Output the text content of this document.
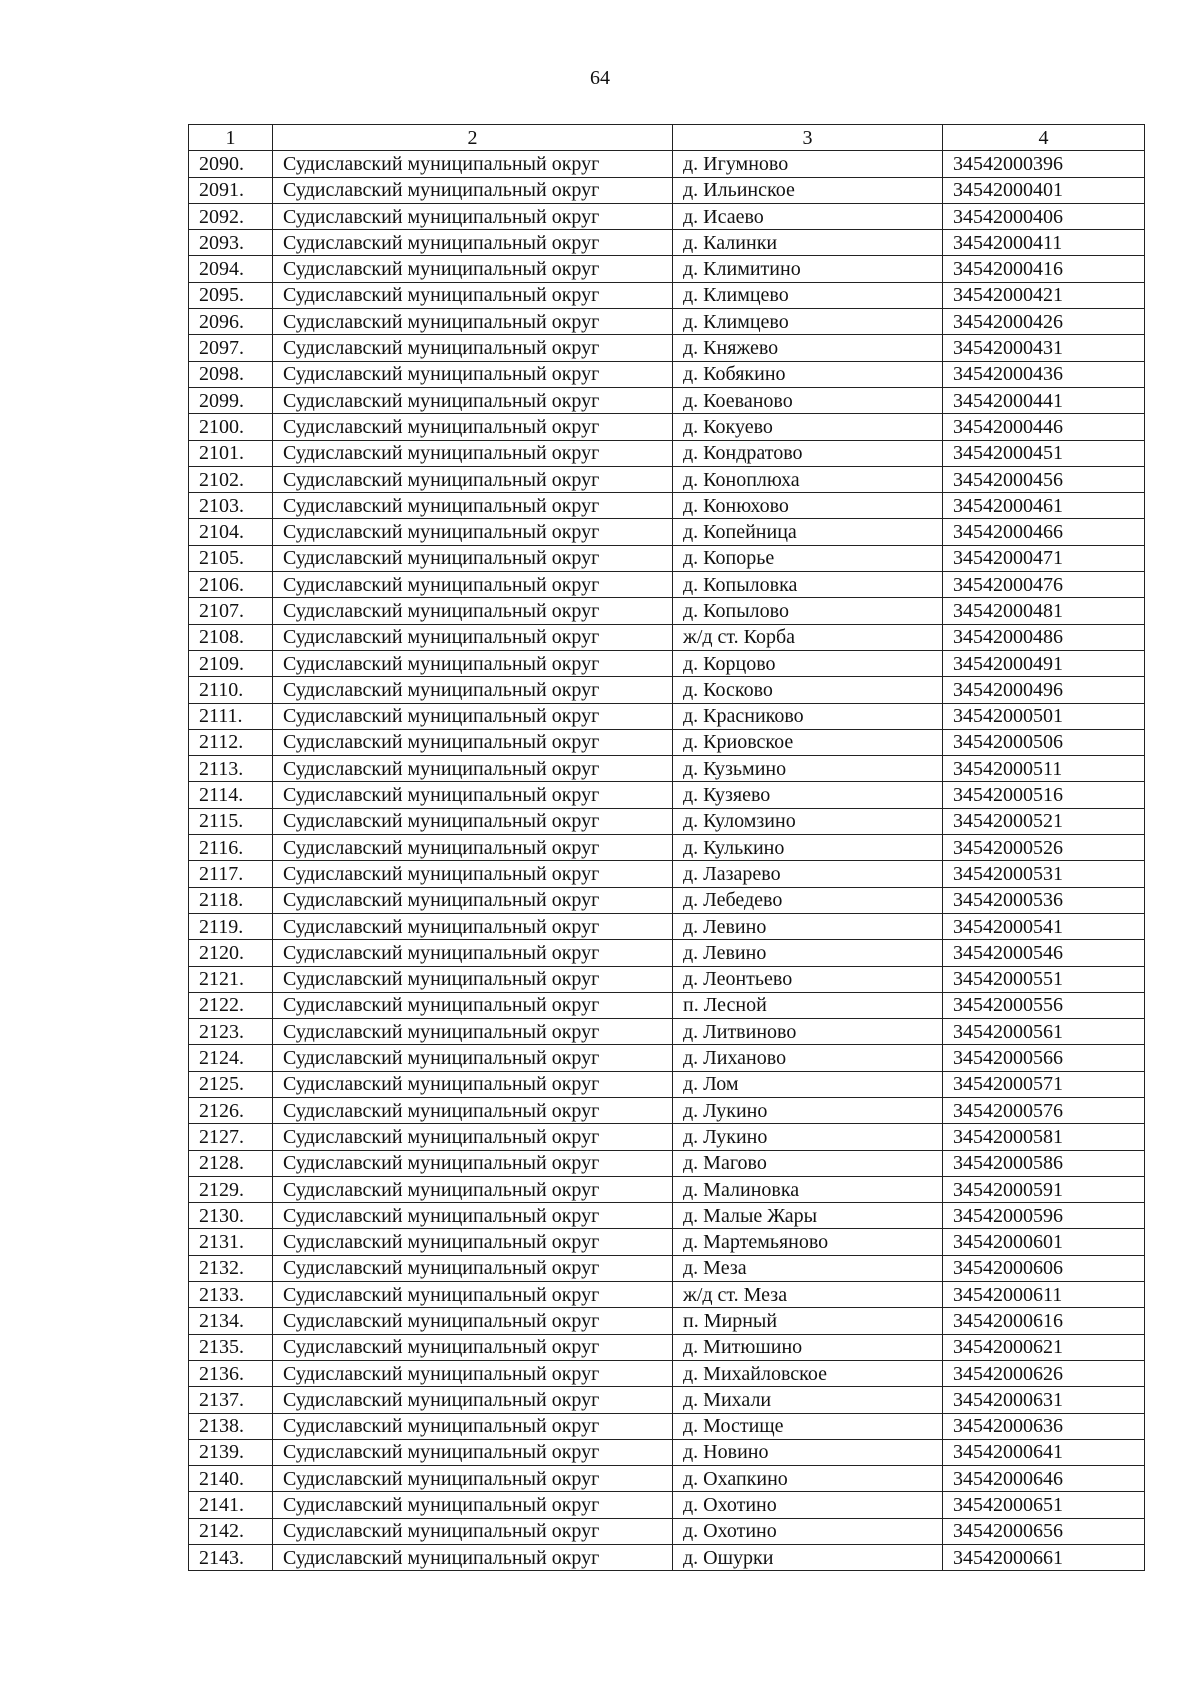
64
1	2	3	4
2090.	Судиславский муниципальный округ	д. Игумново	34542000396
2091.	Судиславский муниципальный округ	д. Ильинское	34542000401
2092.	Судиславский муниципальный округ	д. Исаево	34542000406
2093.	Судиславский муниципальный округ	д. Калинки	34542000411
2094.	Судиславский муниципальный округ	д. Климитино	34542000416
2095.	Судиславский муниципальный округ	д. Климцево	34542000421
2096.	Судиславский муниципальный округ	д. Климцево	34542000426
2097.	Судиславский муниципальный округ	д. Княжево	34542000431
2098.	Судиславский муниципальный округ	д. Кобякино	34542000436
2099.	Судиславский муниципальный округ	д. Коеваново	34542000441
2100.	Судиславский муниципальный округ	д. Кокуево	34542000446
2101.	Судиславский муниципальный округ	д. Кондратово	34542000451
2102.	Судиславский муниципальный округ	д. Коноплюха	34542000456
2103.	Судиславский муниципальный округ	д. Конюхово	34542000461
2104.	Судиславский муниципальный округ	д. Копейница	34542000466
2105.	Судиславский муниципальный округ	д. Копорье	34542000471
2106.	Судиславский муниципальный округ	д. Копыловка	34542000476
2107.	Судиславский муниципальный округ	д. Копылово	34542000481
2108.	Судиславский муниципальный округ	ж/д ст. Корба	34542000486
2109.	Судиславский муниципальный округ	д. Корцово	34542000491
2110.	Судиславский муниципальный округ	д. Косково	34542000496
2111.	Судиславский муниципальный округ	д. Красниково	34542000501
2112.	Судиславский муниципальный округ	д. Криовское	34542000506
2113.	Судиславский муниципальный округ	д. Кузьмино	34542000511
2114.	Судиславский муниципальный округ	д. Кузяево	34542000516
2115.	Судиславский муниципальный округ	д. Куломзино	34542000521
2116.	Судиславский муниципальный округ	д. Кулькино	34542000526
2117.	Судиславский муниципальный округ	д. Лазарево	34542000531
2118.	Судиславский муниципальный округ	д. Лебедево	34542000536
2119.	Судиславский муниципальный округ	д. Левино	34542000541
2120.	Судиславский муниципальный округ	д. Левино	34542000546
2121.	Судиславский муниципальный округ	д. Леонтьево	34542000551
2122.	Судиславский муниципальный округ	п. Лесной	34542000556
2123.	Судиславский муниципальный округ	д. Литвиново	34542000561
2124.	Судиславский муниципальный округ	д. Лиханово	34542000566
2125.	Судиславский муниципальный округ	д. Лом	34542000571
2126.	Судиславский муниципальный округ	д. Лукино	34542000576
2127.	Судиславский муниципальный округ	д. Лукино	34542000581
2128.	Судиславский муниципальный округ	д. Магово	34542000586
2129.	Судиславский муниципальный округ	д. Малиновка	34542000591
2130.	Судиславский муниципальный округ	д. Малые Жары	34542000596
2131.	Судиславский муниципальный округ	д. Мартемьяново	34542000601
2132.	Судиславский муниципальный округ	д. Меза	34542000606
2133.	Судиславский муниципальный округ	ж/д ст. Меза	34542000611
2134.	Судиславский муниципальный округ	п. Мирный	34542000616
2135.	Судиславский муниципальный округ	д. Митюшино	34542000621
2136.	Судиславский муниципальный округ	д. Михайловское	34542000626
2137.	Судиславский муниципальный округ	д. Михали	34542000631
2138.	Судиславский муниципальный округ	д. Мостище	34542000636
2139.	Судиславский муниципальный округ	д. Новино	34542000641
2140.	Судиславский муниципальный округ	д. Охапкино	34542000646
2141.	Судиславский муниципальный округ	д. Охотино	34542000651
2142.	Судиславский муниципальный округ	д. Охотино	34542000656
2143.	Судиславский муниципальный округ	д. Ошурки	34542000661
